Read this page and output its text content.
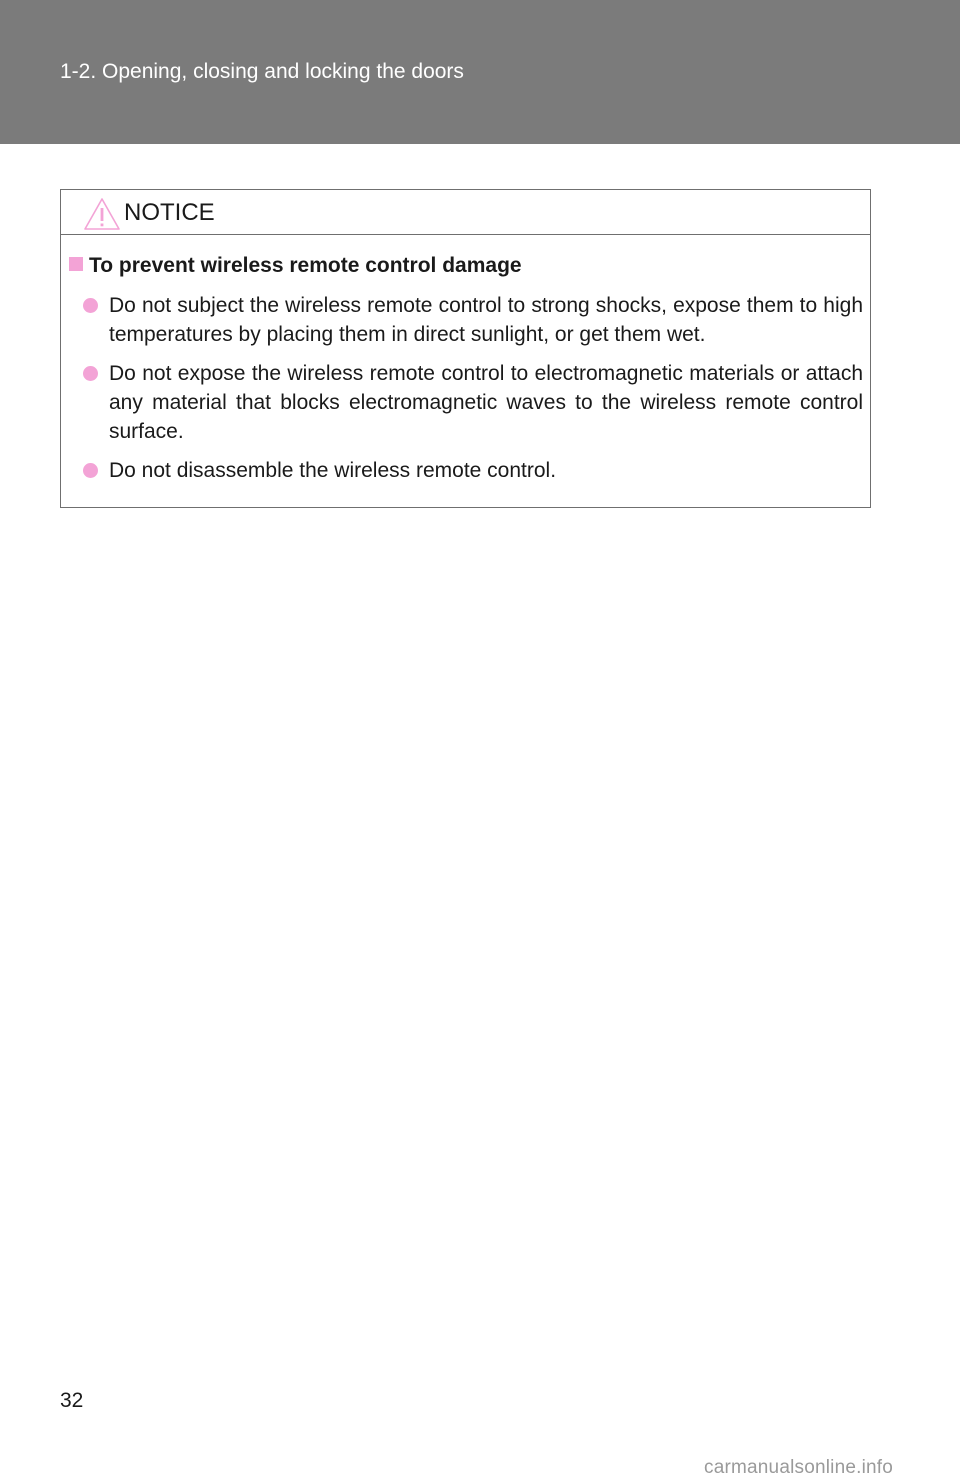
1-2. Opening, closing and locking the doors
NOTICE
To prevent wireless remote control damage
Do not subject the wireless remote control to strong shocks, expose them to high temperatures by placing them in direct sunlight, or get them wet.
Do not expose the wireless remote control to electromagnetic materials or attach any material that blocks electromagnetic waves to the wireless remote control surface.
Do not disassemble the wireless remote control.
32
carmanualsonline.info
